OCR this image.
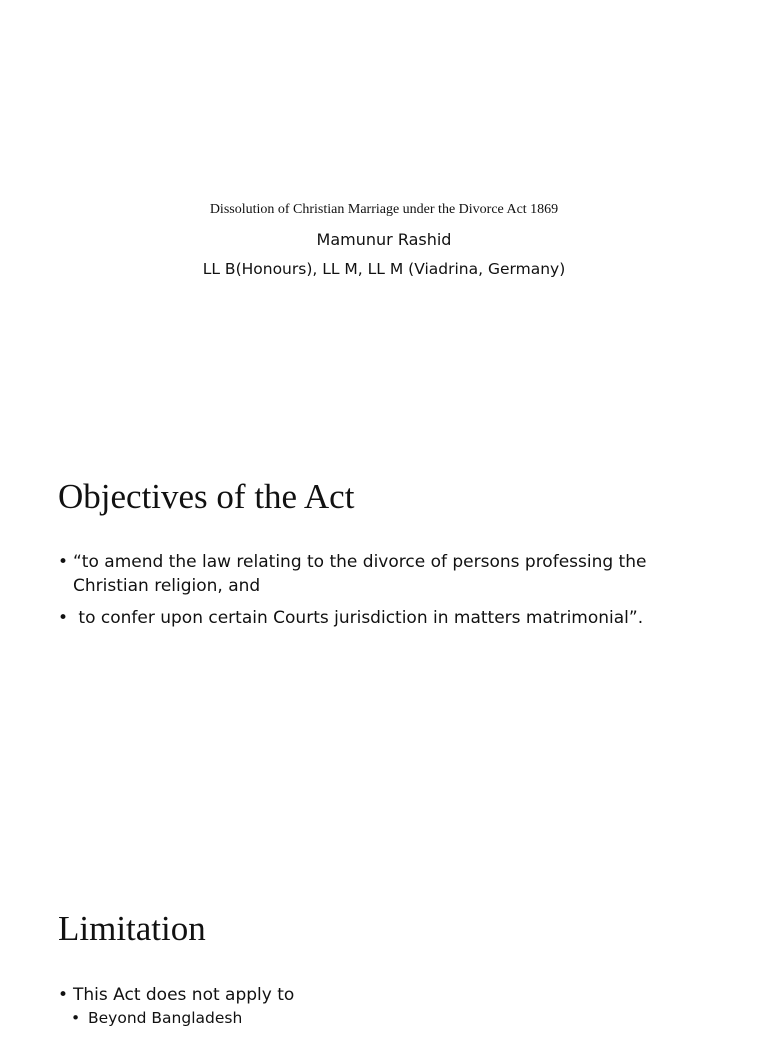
Dissolution of Christian Marriage under the Divorce Act 1869
Mamunur Rashid
LL B(Honours), LL M, LL M (Viadrina, Germany)
Objectives of the Act
• “to amend the law relating to the divorce of persons professing the Christian religion, and
• to confer upon certain Courts jurisdiction in matters matrimonial”.
Limitation
• This Act does not apply to
• Beyond Bangladesh
